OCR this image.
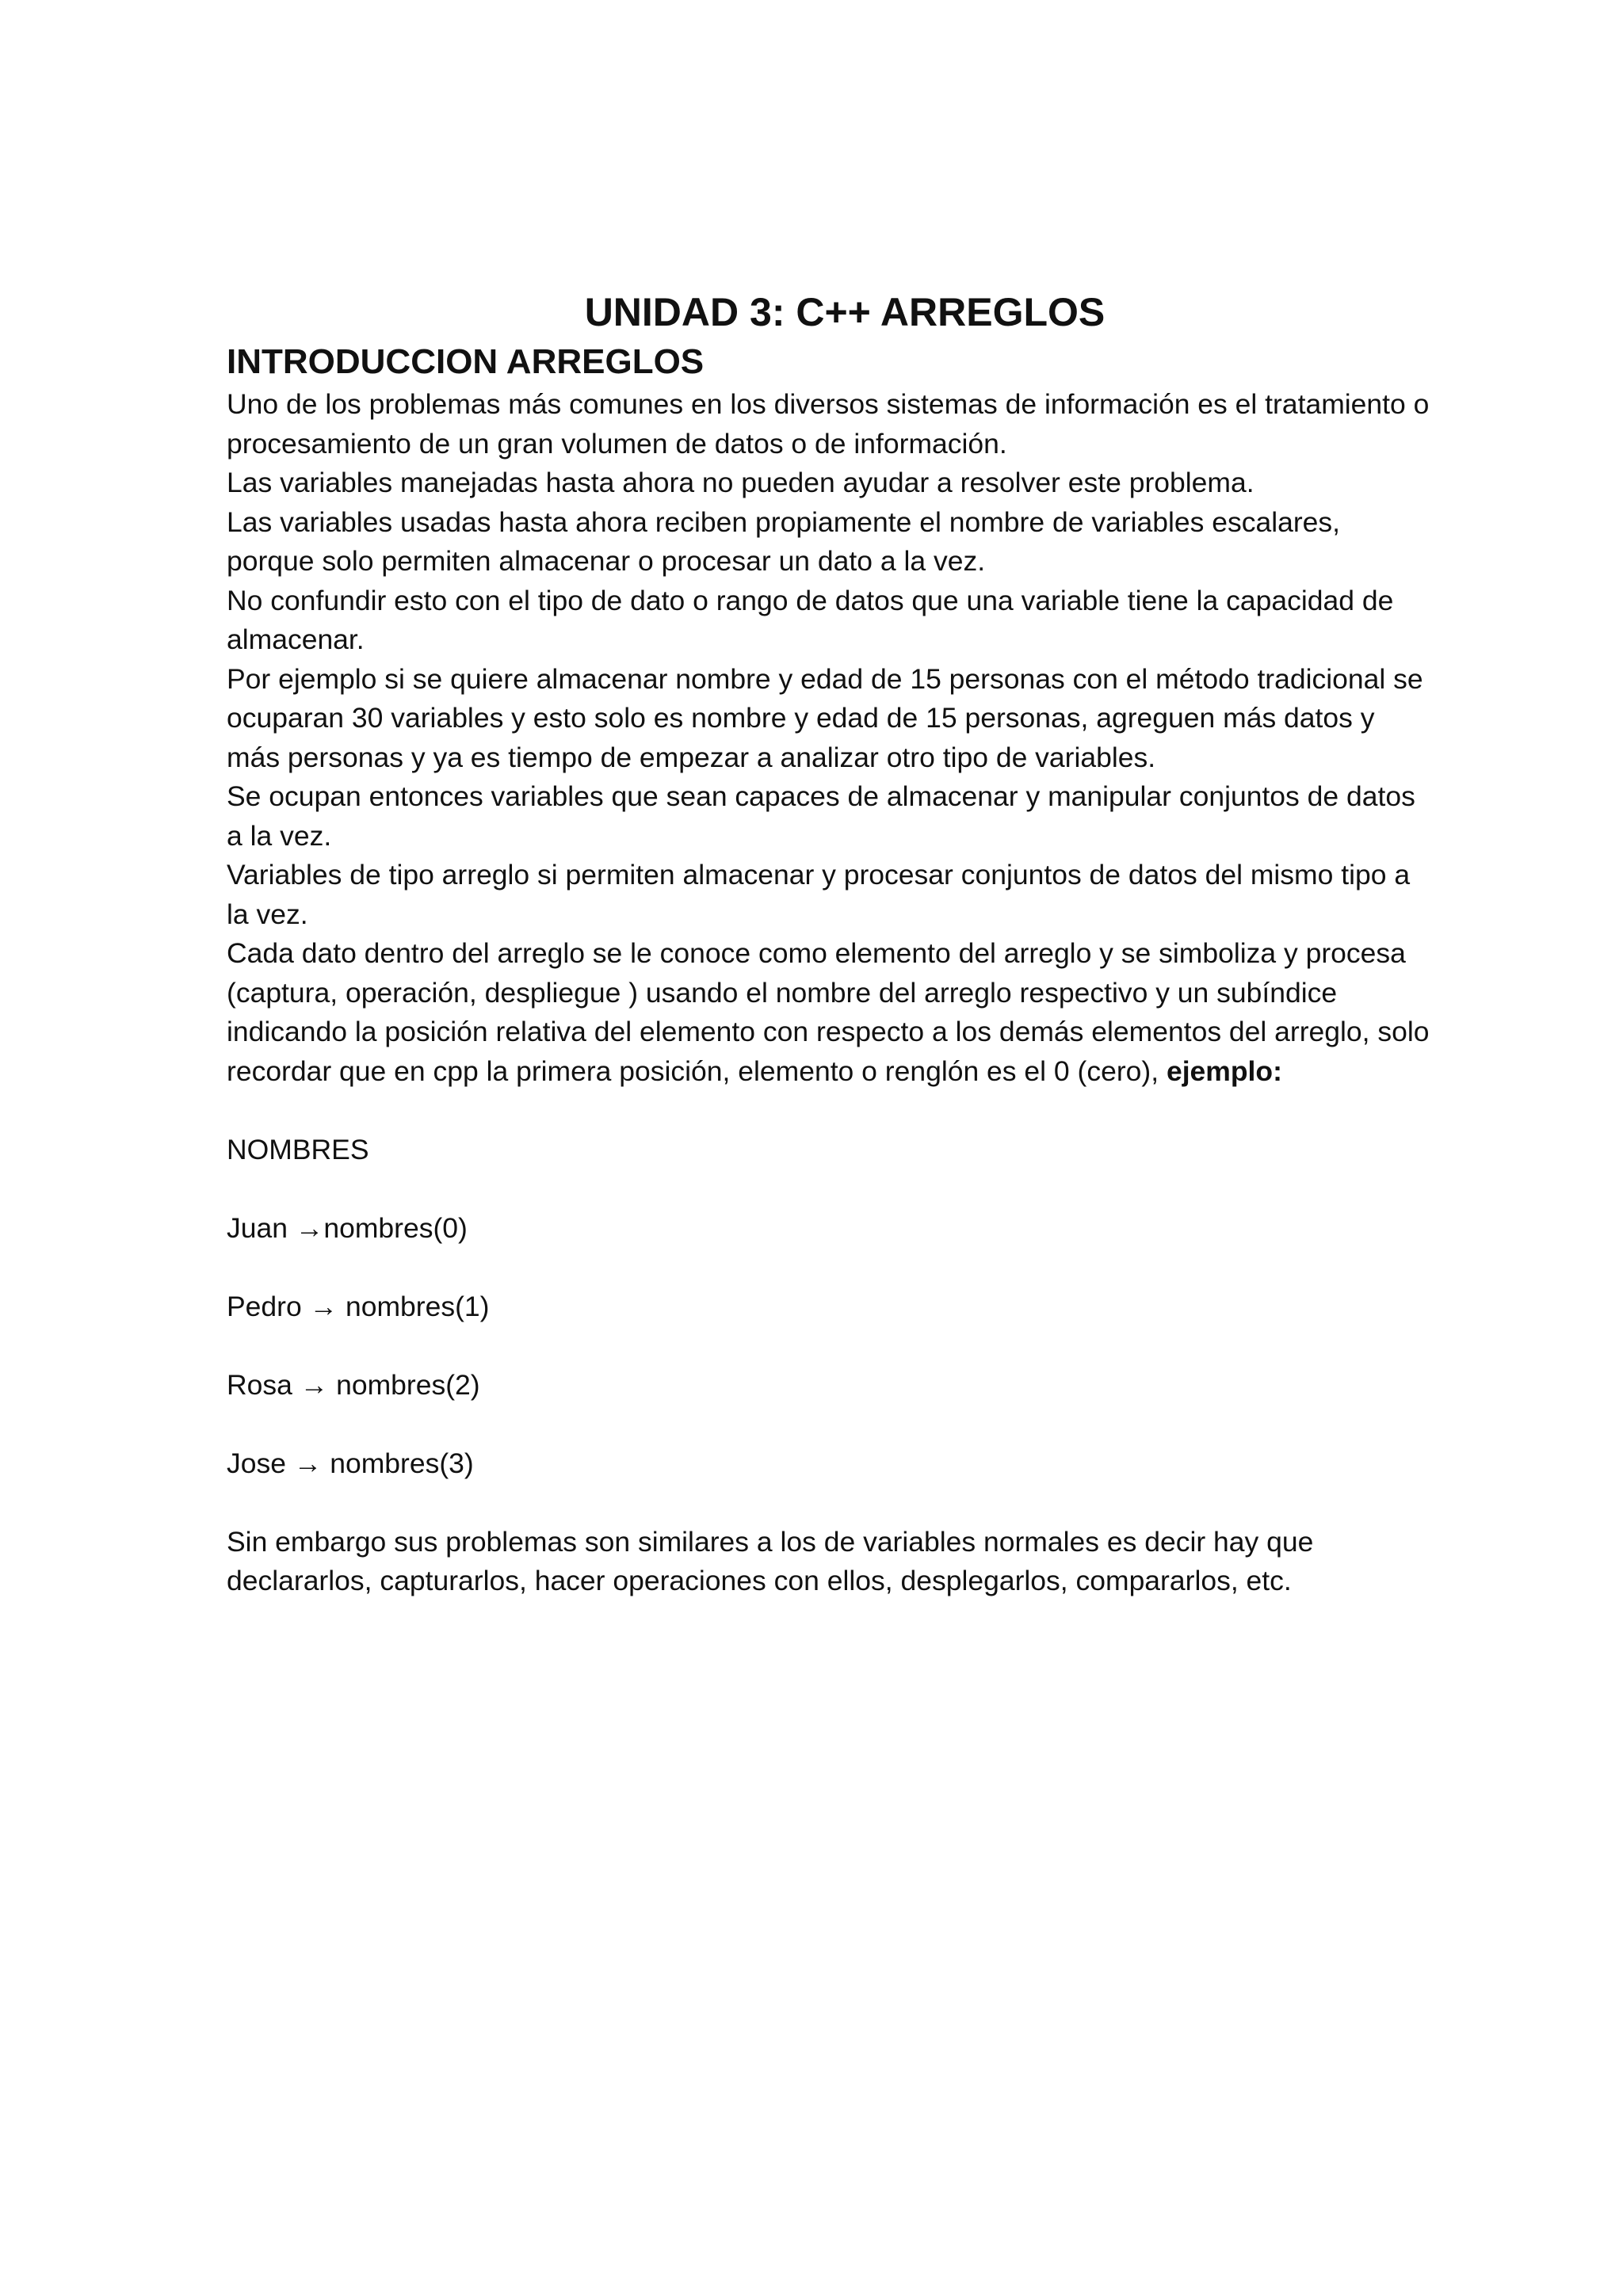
UNIDAD 3: C++ ARREGLOS
INTRODUCCION ARREGLOS

Uno de los problemas más comunes en los diversos sistemas de información es el tratamiento o procesamiento de un gran volumen de datos o de información.

Las variables manejadas hasta ahora no pueden ayudar a resolver este problema.

Las variables usadas hasta ahora reciben propiamente el nombre de variables escalares, porque solo permiten almacenar o procesar un dato a la vez.

No confundir esto con el tipo de dato o rango de datos que una variable tiene la capacidad de almacenar.

Por ejemplo si se quiere almacenar nombre y edad de 15 personas con el método tradicional se ocuparan 30 variables y esto solo es nombre y edad de 15 personas, agreguen más datos y más personas y ya es tiempo de empezar a analizar otro tipo de variables.

Se ocupan entonces variables que sean capaces de almacenar y manipular conjuntos de datos a la vez.

Variables de tipo arreglo si permiten almacenar y procesar conjuntos de datos del mismo tipo a la vez.

Cada dato dentro del arreglo se le conoce como elemento del arreglo y se simboliza y procesa (captura, operación, despliegue ) usando el nombre del arreglo respectivo y un subíndice indicando la posición relativa del elemento con respecto a los demás elementos del arreglo, solo recordar que en cpp la primera posición, elemento o renglón es el 0 (cero), ejemplo:

NOMBRES

Juan →nombres(0)

Pedro → nombres(1)

Rosa → nombres(2)

Jose → nombres(3)

Sin embargo sus problemas son similares a los de variables normales es decir hay que declararlos, capturarlos, hacer operaciones con ellos, desplegarlos, compararlos, etc.
